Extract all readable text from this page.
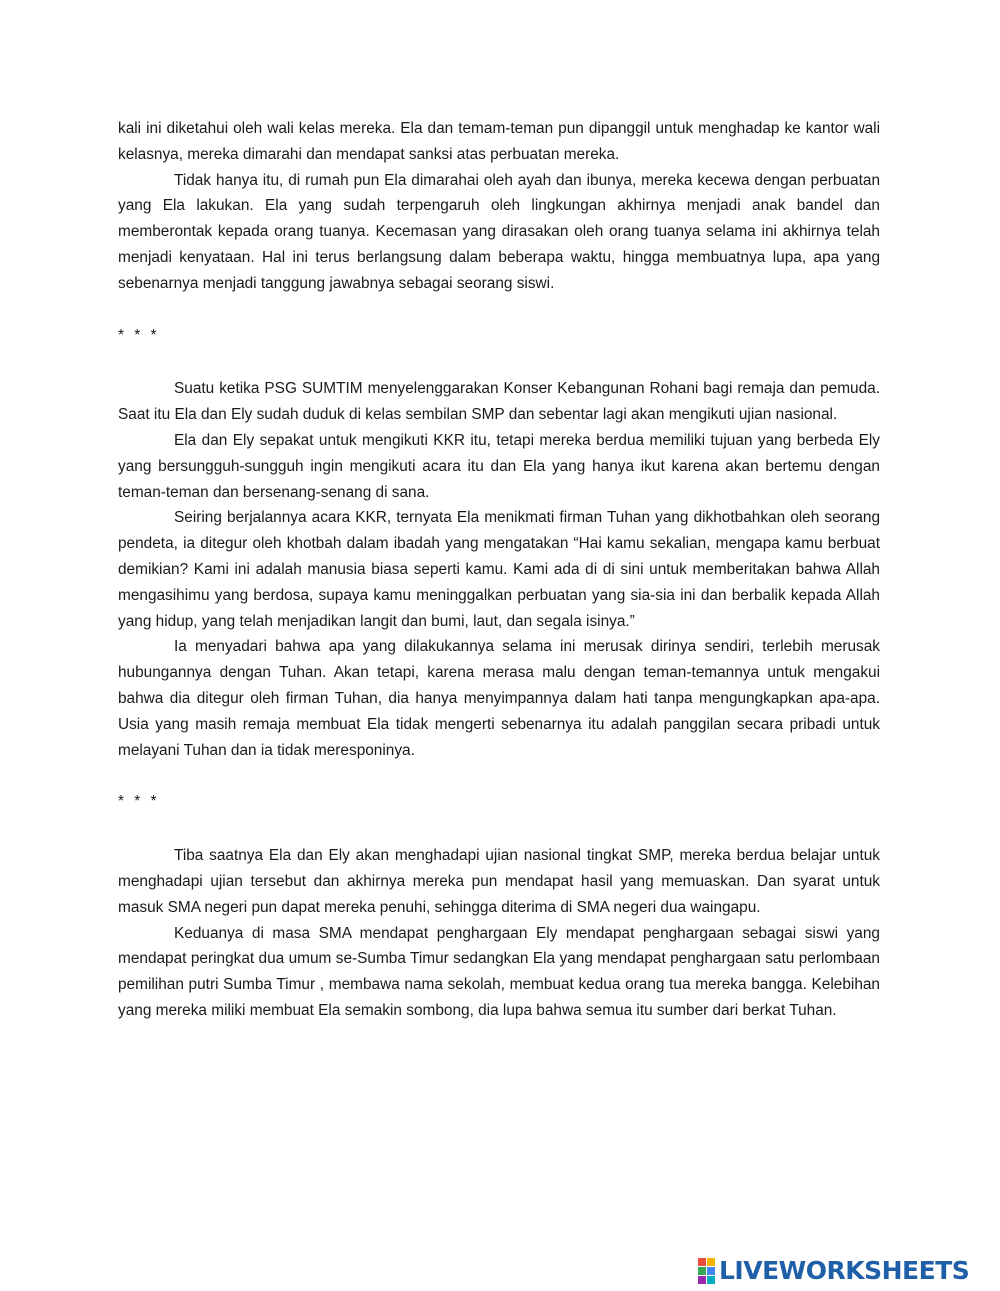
kali ini diketahui oleh wali kelas mereka. Ela dan temam-teman pun dipanggil untuk menghadap ke kantor wali kelasnya, mereka dimarahi dan mendapat sanksi atas perbuatan mereka.

Tidak hanya itu, di rumah pun Ela dimarahai oleh ayah dan ibunya, mereka kecewa dengan perbuatan yang Ela lakukan. Ela yang sudah terpengaruh oleh lingkungan akhirnya menjadi anak bandel dan memberontak kepada orang tuanya. Kecemasan yang dirasakan oleh orang tuanya selama ini akhirnya telah menjadi kenyataan. Hal ini terus berlangsung dalam beberapa waktu, hingga membuatnya lupa, apa yang sebenarnya menjadi tanggung jawabnya sebagai seorang siswi.

* * *

Suatu ketika PSG SUMTIM menyelenggarakan Konser Kebangunan Rohani bagi remaja dan pemuda. Saat itu Ela dan Ely sudah duduk di kelas sembilan SMP dan sebentar lagi akan mengikuti ujian nasional.

Ela dan Ely sepakat untuk mengikuti KKR itu, tetapi mereka berdua memiliki tujuan yang berbeda Ely yang bersungguh-sungguh ingin mengikuti acara itu dan Ela yang hanya ikut karena akan bertemu dengan teman-teman dan bersenang-senang di sana.

Seiring berjalannya acara KKR, ternyata Ela menikmati firman Tuhan yang dikhotbahkan oleh seorang pendeta, ia ditegur oleh khotbah dalam ibadah yang mengatakan “Hai kamu sekalian, mengapa kamu berbuat demikian? Kami ini adalah manusia biasa seperti kamu. Kami ada di di sini untuk memberitakan bahwa Allah mengasihimu yang berdosa, supaya kamu meninggalkan perbuatan yang sia-sia ini dan berbalik kepada Allah yang hidup, yang telah menjadikan langit dan bumi, laut, dan segala isinya.”

Ia menyadari bahwa apa yang dilakukannya selama ini merusak dirinya sendiri, terlebih merusak hubungannya dengan Tuhan. Akan tetapi, karena merasa malu dengan teman-temannya untuk mengakui bahwa dia ditegur oleh firman Tuhan, dia hanya menyimpannya dalam hati tanpa mengungkapkan apa-apa. Usia yang masih remaja membuat Ela tidak mengerti sebenarnya itu adalah panggilan secara pribadi untuk melayani Tuhan dan ia tidak meresponinya.

* * *

Tiba saatnya Ela dan Ely akan menghadapi ujian nasional tingkat SMP, mereka berdua belajar untuk menghadapi ujian tersebut dan akhirnya mereka pun mendapat hasil yang memuaskan. Dan syarat untuk masuk SMA negeri pun dapat mereka penuhi, sehingga diterima di SMA negeri dua waingapu.

Keduanya di masa SMA mendapat penghargaan Ely mendapat penghargaan sebagai siswi yang mendapat peringkat dua umum se-Sumba Timur sedangkan Ela yang mendapat penghargaan satu perlombaan pemilihan putri Sumba Timur , membawa nama sekolah, membuat kedua orang tua mereka bangga. Kelebihan yang mereka miliki membuat Ela semakin sombong, dia lupa bahwa semua itu sumber dari berkat Tuhan.

LIVEWORKSHEETS
